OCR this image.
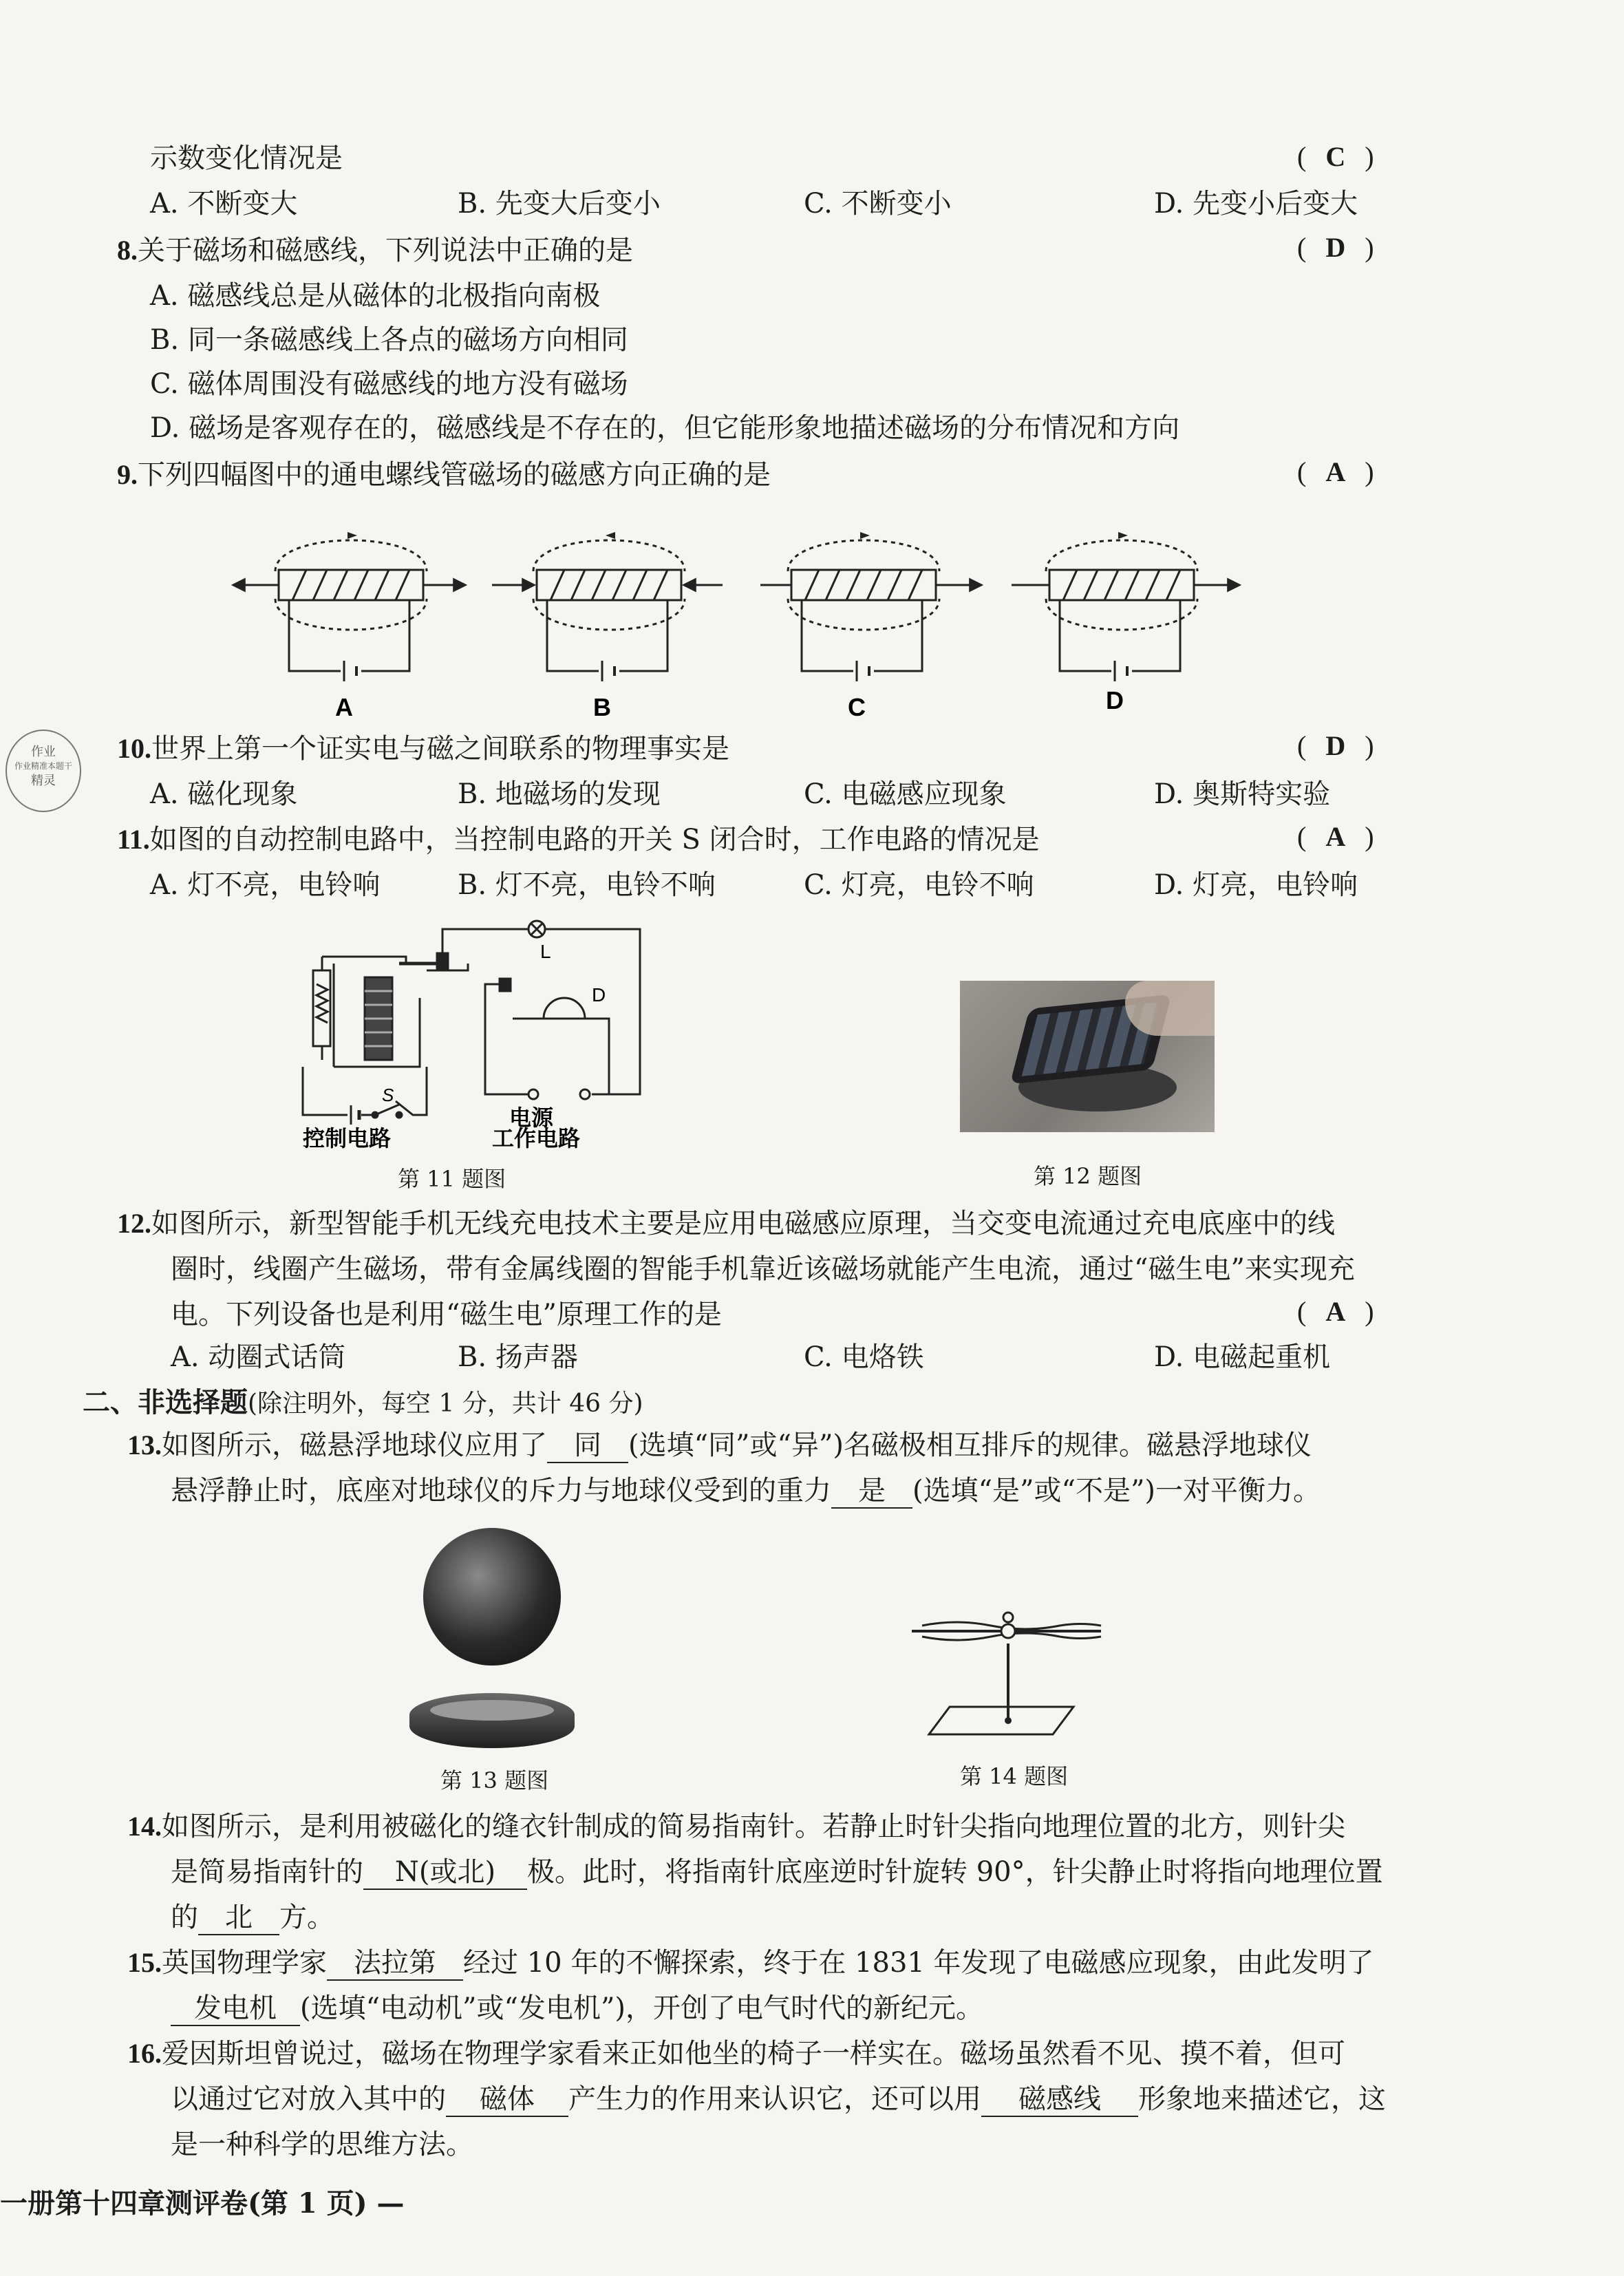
示数变化情况是	( C )
A. 不断变大	B. 先变大后变小	C. 不断变小	D. 先变小后变大
8.关于磁场和磁感线，下列说法中正确的是	( D )
A. 磁感线总是从磁体的北极指向南极
B. 同一条磁感线上各点的磁场方向相同
C. 磁体周围没有磁感线的地方没有磁场
D. 磁场是客观存在的，磁感线是不存在的，但它能形象地描述磁场的分布情况和方向
9.下列四幅图中的通电螺线管磁场的磁感方向正确的是	( A )
A	B	C	D
作业
作业精准本题干
精灵
10.世界上第一个证实电与磁之间联系的物理事实是	( D )
A. 磁化现象	B. 地磁场的发现	C. 电磁感应现象	D. 奥斯特实验
11.如图的自动控制电路中，当控制电路的开关 S 闭合时，工作电路的情况是	( A )
A. 灯不亮，电铃响	B. 灯不亮，电铃不响	C. 灯亮，电铃不响	D. 灯亮，电铃响
S
L
D
电源
控制电路	工作电路
第 11 题图	第 12 题图
12.如图所示，新型智能手机无线充电技术主要是应用电磁感应原理，当交变电流通过充电底座中的线
圈时，线圈产生磁场，带有金属线圈的智能手机靠近该磁场就能产生电流，通过“磁生电”来实现充
电。下列设备也是利用“磁生电”原理工作的是	( A )
A. 动圈式话筒	B. 扬声器	C. 电烙铁	D. 电磁起重机
二、非选择题(除注明外，每空 1 分，共计 46 分)
13.如图所示，磁悬浮地球仪应用了 同 (选填“同”或“异”)名磁极相互排斥的规律。磁悬浮地球仪
悬浮静止时，底座对地球仪的斥力与地球仪受到的重力 是 (选填“是”或“不是”)一对平衡力。
第 13 题图	第 14 题图
14.如图所示，是利用被磁化的缝衣针制成的简易指南针。若静止时针尖指向地理位置的北方，则针尖
是简易指南针的 N(或北) 极。此时，将指南针底座逆时针旋转 90°，针尖静止时将指向地理位置
的 北 方。
15.英国物理学家 法拉第 经过 10 年的不懈探索，终于在 1831 年发现了电磁感应现象，由此发明了
发电机 (选填“电动机”或“发电机”)，开创了电气时代的新纪元。
16.爱因斯坦曾说过，磁场在物理学家看来正如他坐的椅子一样实在。磁场虽然看不见、摸不着，但可
以通过它对放入其中的 磁体 产生力的作用来认识它，还可以用 磁感线 形象地来描述它，这
是一种科学的思维方法。
一册第十四章测评卷(第 1 页) —
